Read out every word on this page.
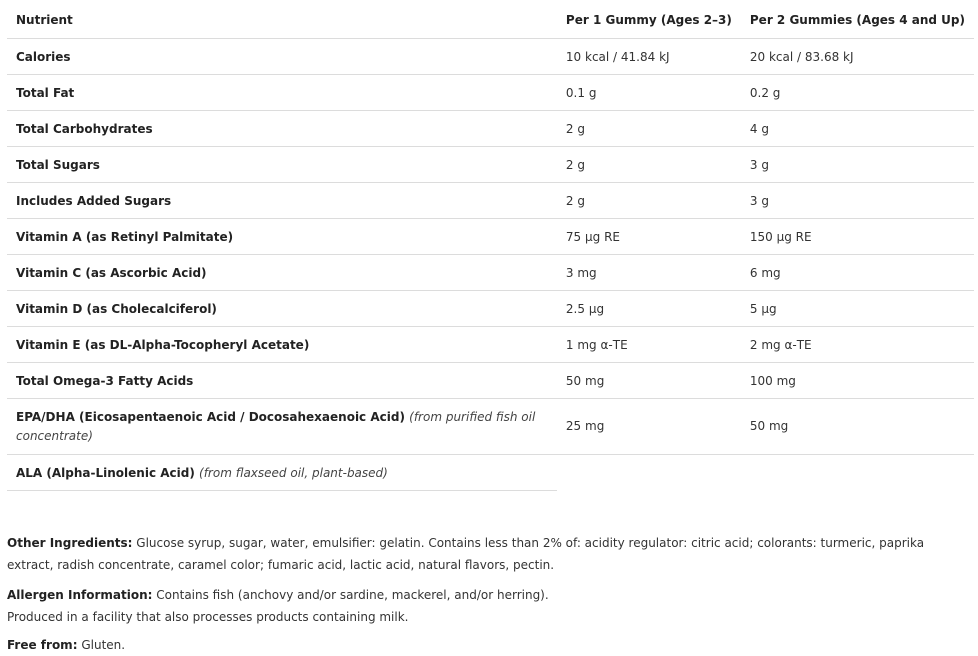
Nutrient	Per 1 Gummy (Ages 2–3)	Per 2 Gummies (Ages 4 and Up)
Calories	10 kcal / 41.84 kJ	20 kcal / 83.68 kJ
Total Fat	0.1 g	0.2 g
Total Carbohydrates	2 g	4 g
Total Sugars	2 g	3 g
Includes Added Sugars	2 g	3 g
Vitamin A (as Retinyl Palmitate)	75 µg RE	150 µg RE
Vitamin C (as Ascorbic Acid)	3 mg	6 mg
Vitamin D (as Cholecalciferol)	2.5 µg	5 µg
Vitamin E (as DL-Alpha-Tocopheryl Acetate)	1 mg α-TE	2 mg α-TE
Total Omega-3 Fatty Acids	50 mg	100 mg
EPA/DHA (Eicosapentaenoic Acid / Docosahexaenoic Acid) (from purified fish oil concentrate)	25 mg	50 mg
ALA (Alpha-Linolenic Acid) (from flaxseed oil, plant-based)		

Other Ingredients: Glucose syrup, sugar, water, emulsifier: gelatin. Contains less than 2% of: acidity regulator: citric acid; colorants: turmeric, paprika extract, radish concentrate, caramel color; fumaric acid, lactic acid, natural flavors, pectin.

Allergen Information: Contains fish (anchovy and/or sardine, mackerel, and/or herring).
Produced in a facility that also processes products containing milk.

Free from: Gluten.
